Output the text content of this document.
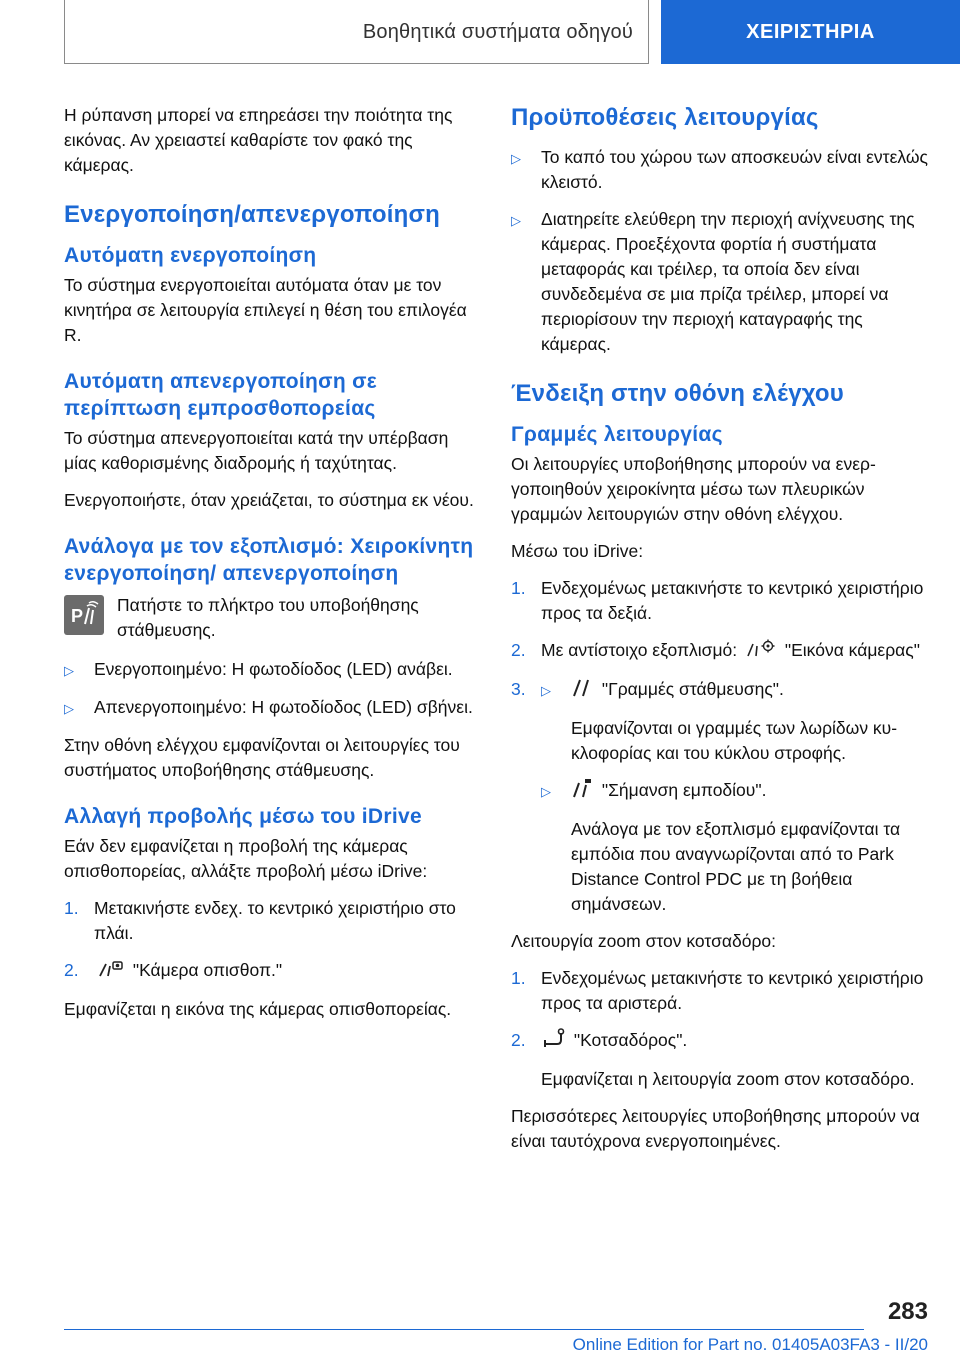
Βοηθητικά συστήματα οδηγού	ΧΕΙΡΙΣΤΗΡΙΑ

Η ρύπανση μπορεί να επηρεάσει την ποιότητα της εικόνας. Αν χρειαστεί καθαρίστε τον φακό της κάμερας.

Ενεργοποίηση/απενεργοποίηση
Αυτόματη ενεργοποίηση

Το σύστημα ενεργοποιείται αυτόματα όταν με τον κινητήρα σε λειτουργία επιλεγεί η θέση του επιλογέα R.

Αυτόματη απενεργοποίηση σε περίπτωση εμπροσθοπορείας

Το σύστημα απενεργοποιείται κατά την υπέρβαση μίας καθορισμένης διαδρομής ή ταχύτητας.

Ενεργοποιήστε, όταν χρειάζεται, το σύστημα εκ νέου.

Ανάλογα με τον εξοπλισμό: Χειροκίνητη ενεργοποίηση/ απενεργοποίηση
P

Πατήστε το πλήκτρο του υποβοήθησης στάθμευσης.

▷	Ενεργοποιημένο: Η φωτοδίοδος (LED) ανάβει.
▷	Απενεργοποιημένο: Η φωτοδίοδος (LED) σβήνει.

Στην οθόνη ελέγχου εμφανίζονται οι λειτουργίες του συστήματος υποβοήθησης στάθμευσης.

Αλλαγή προβολής μέσω του iDrive

Εάν δεν εμφανίζεται η προβολή της κάμερας οπισθοπορείας, αλλάξτε προβολή μέσω iDrive:

1. Μετακινήστε ενδεχ. το κεντρικό χειριστήριο στο πλάι.
2.	"Κάμερα οπισθοπ."

Εμφανίζεται η εικόνα της κάμερας οπισθοπορείας.

Προϋποθέσεις λειτουργίας
▷	Το καπό του χώρου των αποσκευών είναι εντελώς κλειστό.
▷	Διατηρείτε ελεύθερη την περιοχή ανίχνευσης της κάμερας. Προεξέχοντα φορτία ή συστήματα μεταφοράς και τρέιλερ, τα οποία δεν είναι συνδεδεμένα σε μια πρίζα τρέιλερ, μπορεί να περιορίσουν την περιοχή καταγραφής της κάμερας.
Ένδειξη στην οθόνη ελέγχου
Γραμμές λειτουργίας

Οι λειτουργίες υποβοήθησης μπορούν να ενεργοποιηθούν χειροκίνητα μέσω των πλευρικών γραμμών λειτουργιών στην οθόνη ελέγχου.

Μέσω του iDrive:

1. Ενδεχομένως μετακινήστε το κεντρικό χειριστήριο προς τα δεξιά.
2. Με αντίστοιχο εξοπλισμό:	"Εικόνα κάμερας"
3.	▷	"Γραμμές στάθμευσης".

Εμφανίζονται οι γραμμές των λωρίδων κυκλοφορίας και του κύκλου στροφής.

▷	"Σήμανση εμποδίου".

Ανάλογα με τον εξοπλισμό εμφανίζονται τα εμπόδια που αναγνωρίζονται από το Park Distance Control PDC με τη βοήθεια σημάνσεων.

Λειτουργία zoom στον κοτσαδόρο:

1. Ενδεχομένως μετακινήστε το κεντρικό χειριστήριο προς τα αριστερά.
2.	"Κοτσαδόρος".

Εμφανίζεται η λειτουργία zoom στον κοτσαδόρο.

Περισσότερες λειτουργίες υποβοήθησης μπορούν να είναι ταυτόχρονα ενεργοποιημένες.

283
Online Edition for Part no. 01405A03FA3 - II/20
